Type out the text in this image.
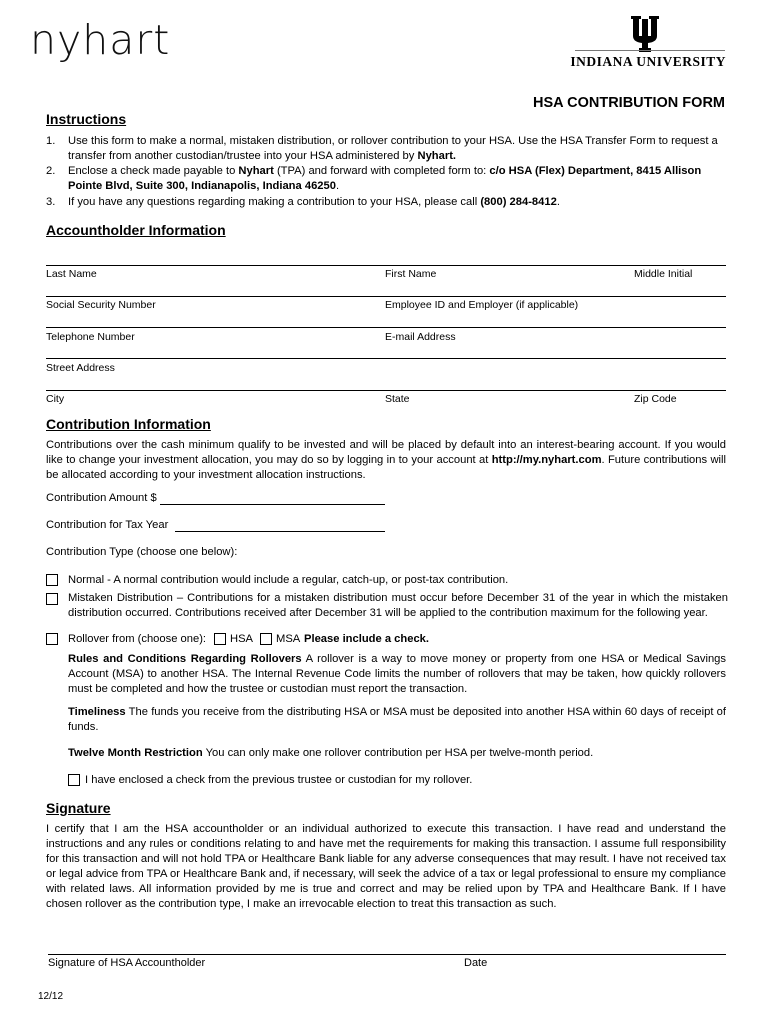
nyhart	INDIANA UNIVERSITY
HSA CONTRIBUTION FORM
Instructions
1. Use this form to make a normal, mistaken distribution, or rollover contribution to your HSA. Use the HSA Transfer Form to request a transfer from another custodian/trustee into your HSA administered by Nyhart.
2. Enclose a check made payable to Nyhart (TPA) and forward with completed form to: c/o HSA (Flex) Department, 8415 Allison Pointe Blvd, Suite 300, Indianapolis, Indiana 46250.
3. If you have any questions regarding making a contribution to your HSA, please call (800) 284-8412.
Accountholder Information
Last Name	First Name	Middle Initial
Social Security Number	Employee ID and Employer (if applicable)
Telephone Number	E-mail Address
Street Address
City	State	Zip Code
Contribution Information
Contributions over the cash minimum qualify to be invested and will be placed by default into an interest-bearing account. If you would like to change your investment allocation, you may do so by logging in to your account at http://my.nyhart.com. Future contributions will be allocated according to your investment allocation instructions.
Contribution Amount $
Contribution for Tax Year
Contribution Type (choose one below):
Normal - A normal contribution would include a regular, catch-up, or post-tax contribution.
Mistaken Distribution – Contributions for a mistaken distribution must occur before December 31 of the year in which the mistaken distribution occurred. Contributions received after December 31 will be applied to the contribution maximum for the following year.
Rollover from (choose one): HSA MSA Please include a check.
Rules and Conditions Regarding Rollovers A rollover is a way to move money or property from one HSA or Medical Savings Account (MSA) to another HSA. The Internal Revenue Code limits the number of rollovers that may be taken, how quickly rollovers must be completed and how the trustee or custodian must report the transaction.
Timeliness The funds you receive from the distributing HSA or MSA must be deposited into another HSA within 60 days of receipt of funds.
Twelve Month Restriction You can only make one rollover contribution per HSA per twelve-month period.
I have enclosed a check from the previous trustee or custodian for my rollover.
Signature
I certify that I am the HSA accountholder or an individual authorized to execute this transaction. I have read and understand the instructions and any rules or conditions relating to and have met the requirements for making this transaction. I assume full responsibility for this transaction and will not hold TPA or Healthcare Bank liable for any adverse consequences that may result. I have not received tax or legal advice from TPA or Healthcare Bank and, if necessary, will seek the advice of a tax or legal professional to ensure my compliance with related laws. All information provided by me is true and correct and may be relied upon by TPA and Healthcare Bank. If I have chosen rollover as the contribution type, I make an irrevocable election to treat this transaction as such.
Signature of HSA Accountholder	Date
12/12
